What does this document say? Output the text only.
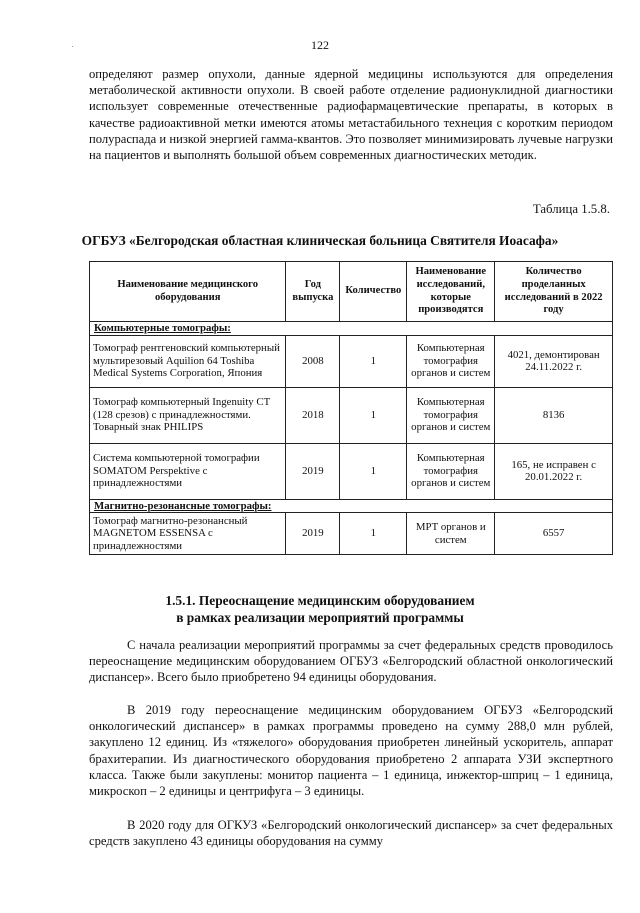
122
определяют размер опухоли, данные ядерной медицины используются для определения метаболической активности опухоли. В своей работе отделение радионуклидной диагностики использует современные отечественные радиофармацевтические препараты, в которых в качестве радиоактивной метки имеются атомы метастабильного технеция с коротким периодом полураспада и низкой энергией гамма-квантов. Это позволяет минимизировать лучевые нагрузки на пациентов и выполнять большой объем современных диагностических методик.
Таблица 1.5.8.
ОГБУЗ «Белгородская областная клиническая больница Святителя Иоасафа»
Наименование медицинского оборудования	Год выпуска	Количество	Наименование исследований, которые производятся	Количество проделанных исследований в 2022 году
Компьютерные томографы:				
Томограф рентгеновский компьютерный мультирезовый Aquilion 64 Toshiba Medical Systems Corporation, Япония	2008	1	Компьютерная томография органов и систем	4021, демонтирован 24.11.2022 г.
Томограф компьютерный Ingenuity CT (128 срезов) с принадлежностями. Товарный знак PHILIPS	2018	1	Компьютерная томография органов и систем	8136
Система компьютерной томографии SOMATOM Perspektive с принадлежностями	2019	1	Компьютерная томография органов и систем	165, не исправен с 20.01.2022 г.
Магнитно-резонансные томографы:				
Томограф магнитно-резонансный MAGNETOM ESSENSA с принадлежностями	2019	1	МРТ органов и систем	6557
1.5.1. Переоснащение медицинским оборудованием
в рамках реализации мероприятий программы
С начала реализации мероприятий программы за счет федеральных средств проводилось переоснащение медицинским оборудованием ОГБУЗ «Белгородский областной онкологический диспансер». Всего было приобретено 94 единицы оборудования.
В 2019 году переоснащение медицинским оборудованием ОГБУЗ «Белгородский онкологический диспансер» в рамках программы проведено на сумму 288,0 млн рублей, закуплено 12 единиц. Из «тяжелого» оборудования приобретен линейный ускоритель, аппарат брахитерапии. Из диагностического оборудования приобретено 2 аппарата УЗИ экспертного класса. Также были закуплены: монитор пациента – 1 единица, инжектор-шприц – 1 единица, микроскоп – 2 единицы и центрифуга – 3 единицы.
В 2020 году для ОГКУЗ «Белгородский онкологический диспансер» за счет федеральных средств закуплено 43 единицы оборудования на сумму
